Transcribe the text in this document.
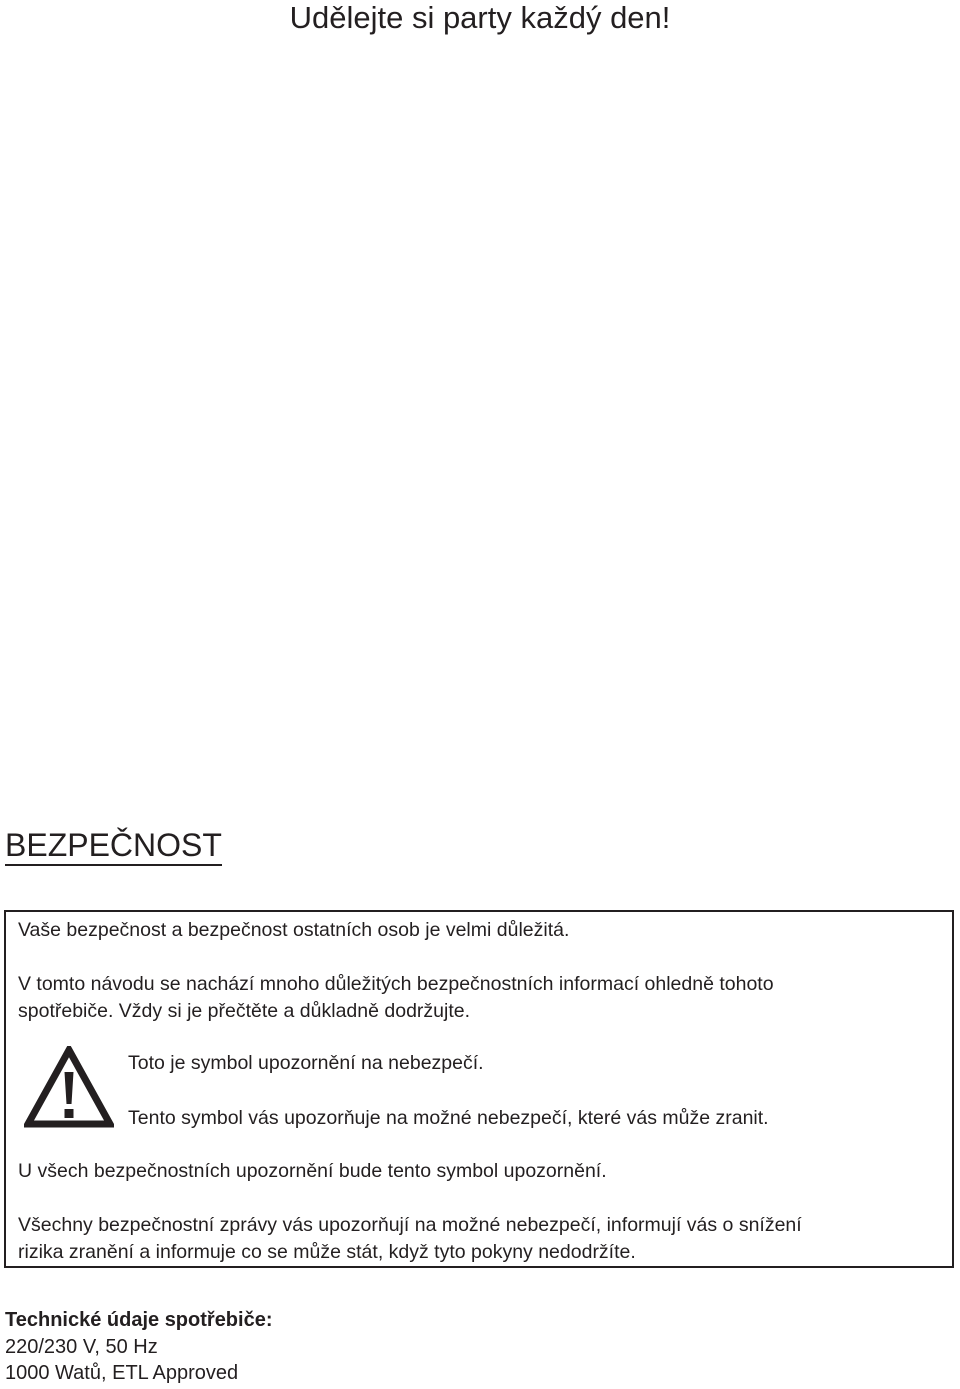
Udělejte si party každý den!
BEZPEČNOST
Vaše bezpečnost a bezpečnost ostatních osob je velmi důležitá.
V tomto návodu se nachází mnoho důležitých bezpečnostních informací ohledně tohoto
spotřebiče. Vždy si je přečtěte a důkladně dodržujte.
Toto je symbol upozornění na nebezpečí.
Tento symbol vás upozorňuje na možné nebezpečí, které vás může zranit.
U všech bezpečnostních upozornění bude tento symbol upozornění.
Všechny bezpečnostní zprávy vás upozorňují na možné nebezpečí, informují vás o snížení
rizika zranění a informuje co se může stát, když tyto pokyny nedodržíte.
Technické údaje spotřebiče:
220/230 V, 50 Hz
1000 Watů, ETL Approved
